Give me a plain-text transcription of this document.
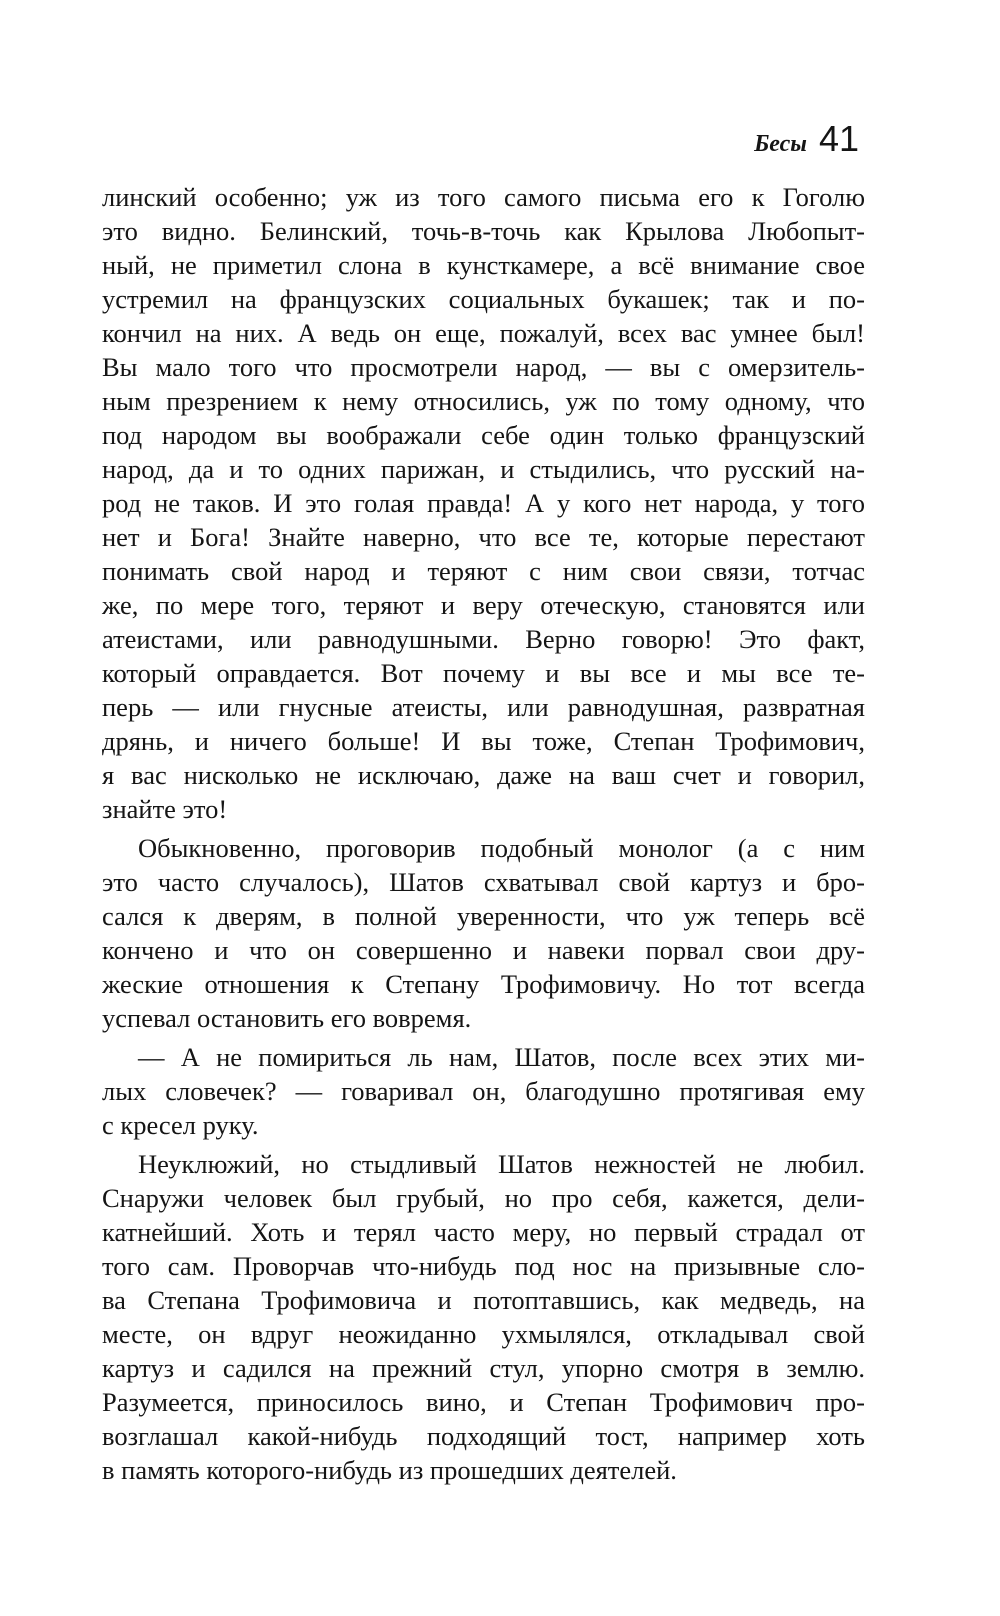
Бесы 41
линский особенно; уж из того самого письма его к Гоголю
это видно. Белинский, точь-в-точь как Крылова Любопыт-
ный, не приметил слона в кунсткамере, а всё внимание свое
устремил на французских социальных букашек; так и по-
кончил на них. А ведь он еще, пожалуй, всех вас умнее был!
Вы мало того что просмотрели народ, — вы с омерзитель-
ным презрением к нему относились, уж по тому одному, что
под народом вы воображали себе один только французский
народ, да и то одних парижан, и стыдились, что русский на-
род не таков. И это голая правда! А у кого нет народа, у того
нет и Бога! Знайте наверно, что все те, которые перестают
понимать свой народ и теряют с ним свои связи, тотчас
же, по мере того, теряют и веру отеческую, становятся или
атеистами, или равнодушными. Верно говорю! Это факт,
который оправдается. Вот почему и вы все и мы все те-
перь — или гнусные атеисты, или равнодушная, развратная
дрянь, и ничего больше! И вы тоже, Степан Трофимович,
я вас нисколько не исключаю, даже на ваш счет и говорил,
знайте это!
Обыкновенно, проговорив подобный монолог (а с ним
это часто случалось), Шатов схватывал свой картуз и бро-
сался к дверям, в полной уверенности, что уж теперь всё
кончено и что он совершенно и навеки порвал свои дру-
жеские отношения к Степану Трофимовичу. Но тот всегда
успевал остановить его вовремя.
— А не помириться ль нам, Шатов, после всех этих ми-
лых словечек? — говаривал он, благодушно протягивая ему
с кресел руку.
Неуклюжий, но стыдливый Шатов нежностей не любил.
Снаружи человек был грубый, но про себя, кажется, дели-
катнейший. Хоть и терял часто меру, но первый страдал от
того сам. Проворчав что-нибудь под нос на призывные сло-
ва Степана Трофимовича и потоптавшись, как медведь, на
месте, он вдруг неожиданно ухмылялся, откладывал свой
картуз и садился на прежний стул, упорно смотря в землю.
Разумеется, приносилось вино, и Степан Трофимович про-
возглашал какой-нибудь подходящий тост, например хоть
в память которого-нибудь из прошедших деятелей.
